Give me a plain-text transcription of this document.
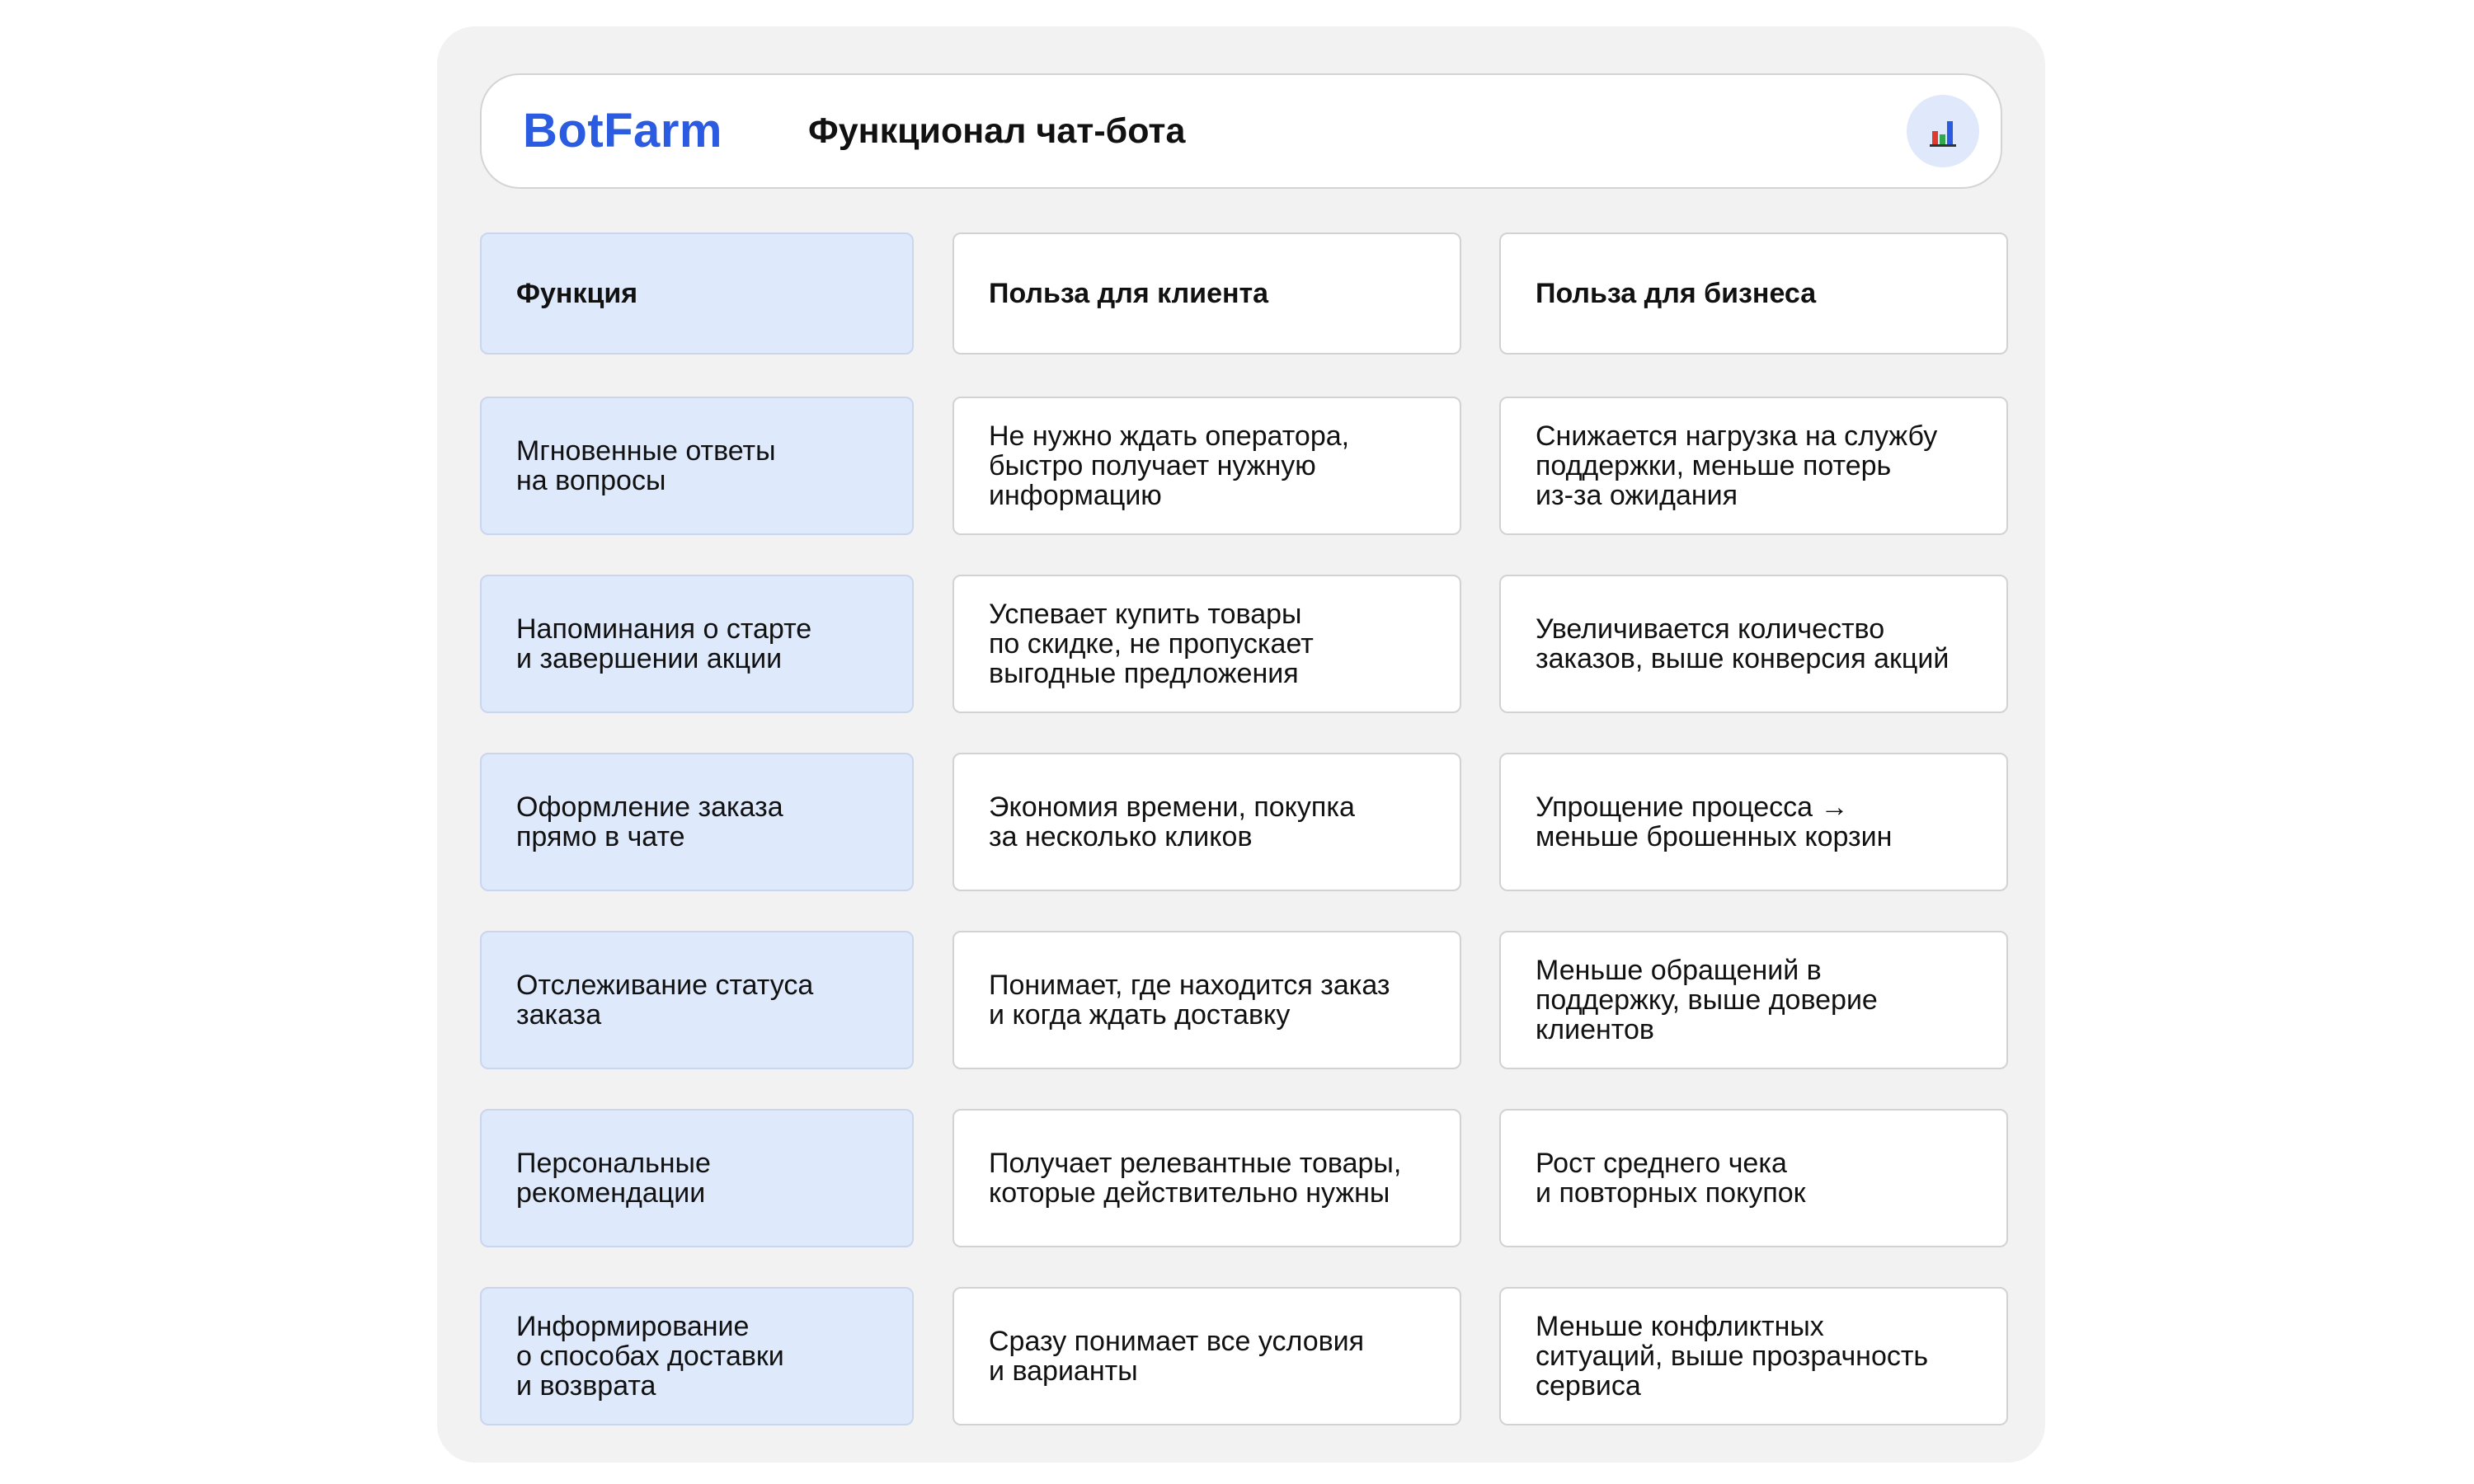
BotFarm Функционал чат-бота
Функция	Польза для клиента	Польза для бизнеса
Мгновенные ответы
на вопросы
Не нужно ждать оператора,
быстро получает нужную
информацию
Снижается нагрузка на службу
поддержки, меньше потерь
из-за ожидания
Напоминания о старте
и завершении акции
Успевает купить товары
по скидке, не пропускает
выгодные предложения
Увеличивается количество
заказов, выше конверсия акций
Оформление заказа
прямо в чате
Экономия времени, покупка
за несколько кликов
Упрощение процесса →
меньше брошенных корзин
Отслеживание статуса
заказа
Понимает, где находится заказ
и когда ждать доставку
Меньше обращений в
поддержку, выше доверие
клиентов
Персональные
рекомендации
Получает релевантные товары,
которые действительно нужны
Рост среднего чека
и повторных покупок
Информирование
о способах доставки
и возврата
Сразу понимает все условия
и варианты
Меньше конфликтных
ситуаций, выше прозрачность
сервиса
